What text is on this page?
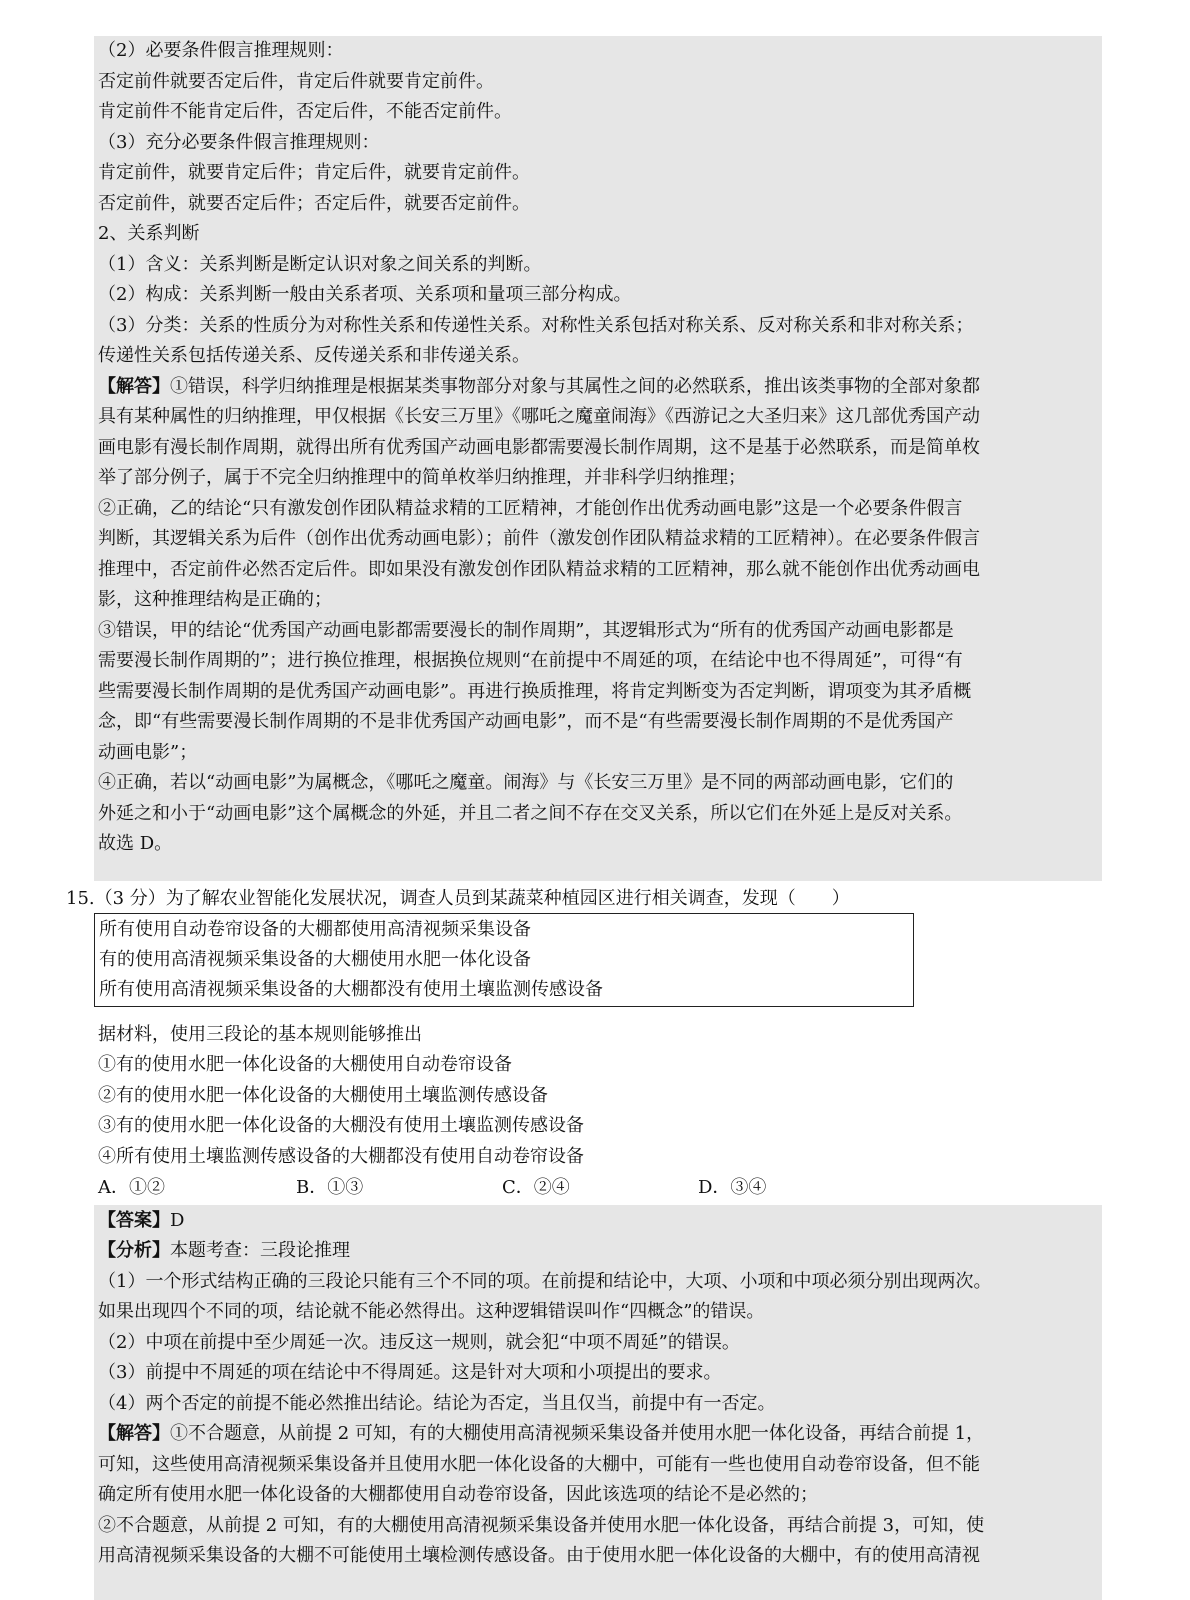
（2）必要条件假言推理规则：
否定前件就要否定后件，肯定后件就要肯定前件。
肯定前件不能肯定后件，否定后件，不能否定前件。
（3）充分必要条件假言推理规则：
肯定前件，就要肯定后件；肯定后件，就要肯定前件。
否定前件，就要否定后件；否定后件，就要否定前件。
2、关系判断
（1）含义：关系判断是断定认识对象之间关系的判断。
（2）构成：关系判断一般由关系者项、关系项和量项三部分构成。
（3）分类：关系的性质分为对称性关系和传递性关系。对称性关系包括对称关系、反对称关系和非对称关系；
传递性关系包括传递关系、反传递关系和非传递关系。
【解答】①错误，科学归纳推理是根据某类事物部分对象与其属性之间的必然联系，推出该类事物的全部对象都
具有某种属性的归纳推理，甲仅根据《长安三万里》《哪吒之魔童闹海》《西游记之大圣归来》这几部优秀国产动
画电影有漫长制作周期，就得出所有优秀国产动画电影都需要漫长制作周期，这不是基于必然联系，而是简单枚
举了部分例子，属于不完全归纳推理中的简单枚举归纳推理，并非科学归纳推理；
②正确，乙的结论“只有激发创作团队精益求精的工匠精神，才能创作出优秀动画电影”这是一个必要条件假言
判断，其逻辑关系为后件（创作出优秀动画电影）；前件（激发创作团队精益求精的工匠精神）。在必要条件假言
推理中，否定前件必然否定后件。即如果没有激发创作团队精益求精的工匠精神，那么就不能创作出优秀动画电
影，这种推理结构是正确的；
③错误，甲的结论“优秀国产动画电影都需要漫长的制作周期”，其逻辑形式为“所有的优秀国产动画电影都是
需要漫长制作周期的”；进行换位推理，根据换位规则“在前提中不周延的项，在结论中也不得周延”，可得“有
些需要漫长制作周期的是优秀国产动画电影”。再进行换质推理，将肯定判断变为否定判断，谓项变为其矛盾概
念，即“有些需要漫长制作周期的不是非优秀国产动画电影”，而不是“有些需要漫长制作周期的不是优秀国产
动画电影”；
④正确，若以“动画电影”为属概念，《哪吒之魔童。闹海》与《长安三万里》是不同的两部动画电影，它们的
外延之和小于“动画电影”这个属概念的外延，并且二者之间不存在交叉关系，所以它们在外延上是反对关系。
故选 D。
15.（3 分）为了解农业智能化发展状况，调查人员到某蔬菜种植园区进行相关调查，发现（　　）
所有使用自动卷帘设备的大棚都使用高清视频采集设备
有的使用高清视频采集设备的大棚使用水肥一体化设备
所有使用高清视频采集设备的大棚都没有使用土壤监测传感设备
据材料，使用三段论的基本规则能够推出
①有的使用水肥一体化设备的大棚使用自动卷帘设备
②有的使用水肥一体化设备的大棚使用土壤监测传感设备
③有的使用水肥一体化设备的大棚没有使用土壤监测传感设备
④所有使用土壤监测传感设备的大棚都没有使用自动卷帘设备
A．①②	B．①③	C．②④	D．③④
【答案】D
【分析】本题考查：三段论推理
（1）一个形式结构正确的三段论只能有三个不同的项。在前提和结论中，大项、小项和中项必须分别出现两次。
如果出现四个不同的项，结论就不能必然得出。这种逻辑错误叫作“四概念”的错误。
（2）中项在前提中至少周延一次。违反这一规则，就会犯“中项不周延”的错误。
（3）前提中不周延的项在结论中不得周延。这是针对大项和小项提出的要求。
（4）两个否定的前提不能必然推出结论。结论为否定，当且仅当，前提中有一否定。
【解答】①不合题意，从前提 2 可知，有的大棚使用高清视频采集设备并使用水肥一体化设备，再结合前提 1，
可知，这些使用高清视频采集设备并且使用水肥一体化设备的大棚中，可能有一些也使用自动卷帘设备，但不能
确定所有使用水肥一体化设备的大棚都使用自动卷帘设备，因此该选项的结论不是必然的；
②不合题意，从前提 2 可知，有的大棚使用高清视频采集设备并使用水肥一体化设备，再结合前提 3，可知，使
用高清视频采集设备的大棚不可能使用土壤检测传感设备。由于使用水肥一体化设备的大棚中，有的使用高清视
